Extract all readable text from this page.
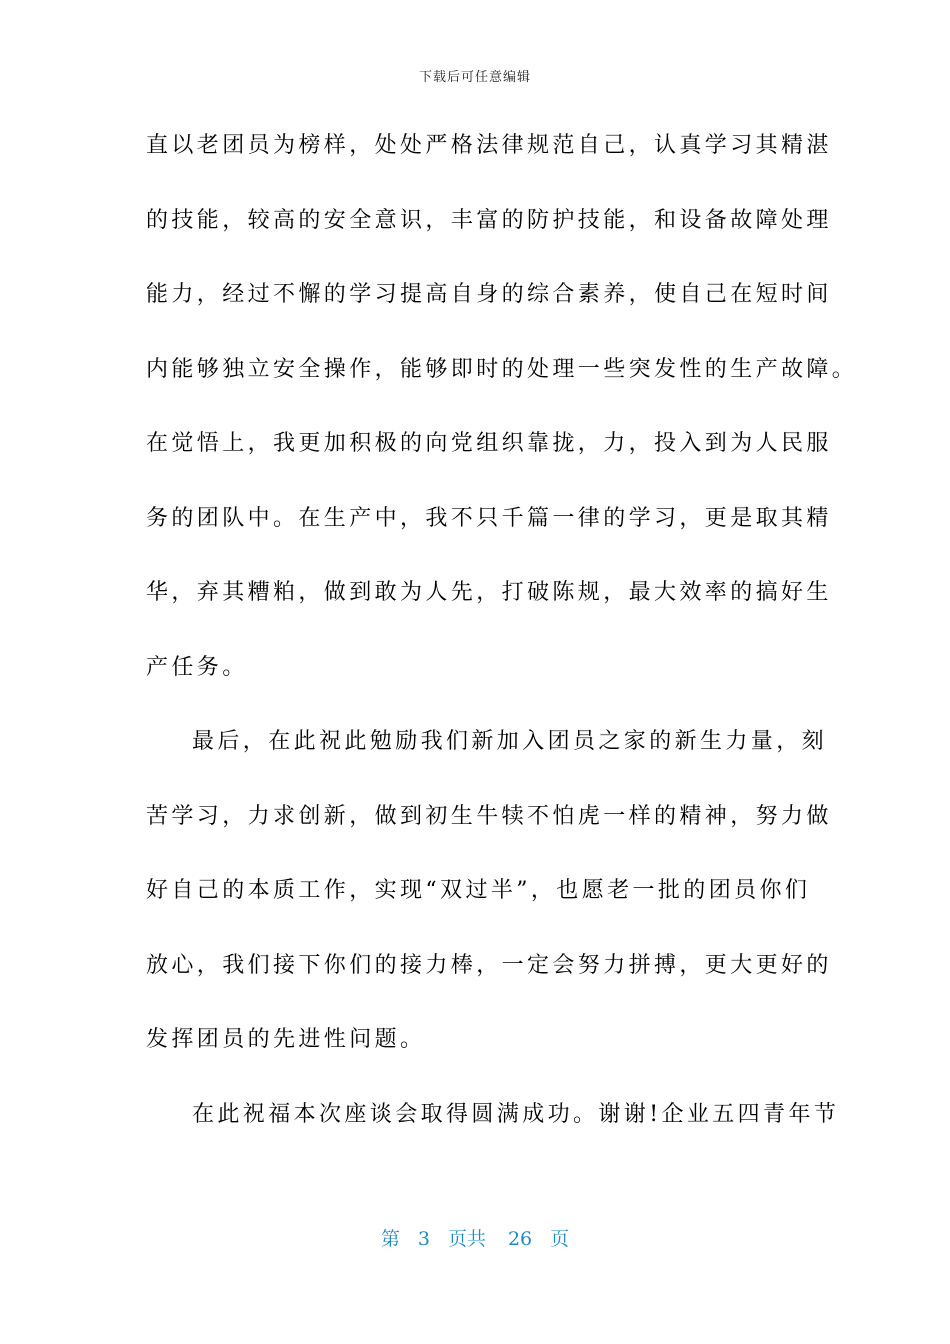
下载后可任意编辑
直以老团员为榜样，处处严格法律规范自己，认真学习其精湛
的技能，较高的安全意识，丰富的防护技能，和设备故障处理
能力，经过不懈的学习提高自身的综合素养，使自己在短时间
内能够独立安全操作，能够即时的处理一些突发性的生产故障。
在觉悟上，我更加积极的向党组织靠拢，力，投入到为人民服
务的团队中。在生产中，我不只千篇一律的学习，更是取其精
华，弃其糟粕，做到敢为人先，打破陈规，最大效率的搞好生
产任务。
最后，在此祝此勉励我们新加入团员之家的新生力量，刻
苦学习，力求创新，做到初生牛犊不怕虎一样的精神，努力做
好自己的本质工作，实现“双过半”，也愿老一批的团员你们
放心，我们接下你们的接力棒，一定会努力拼搏，更大更好的
发挥团员的先进性问题。
在此祝福本次座谈会取得圆满成功。谢谢!企业五四青年节
第 3 页共 26 页
